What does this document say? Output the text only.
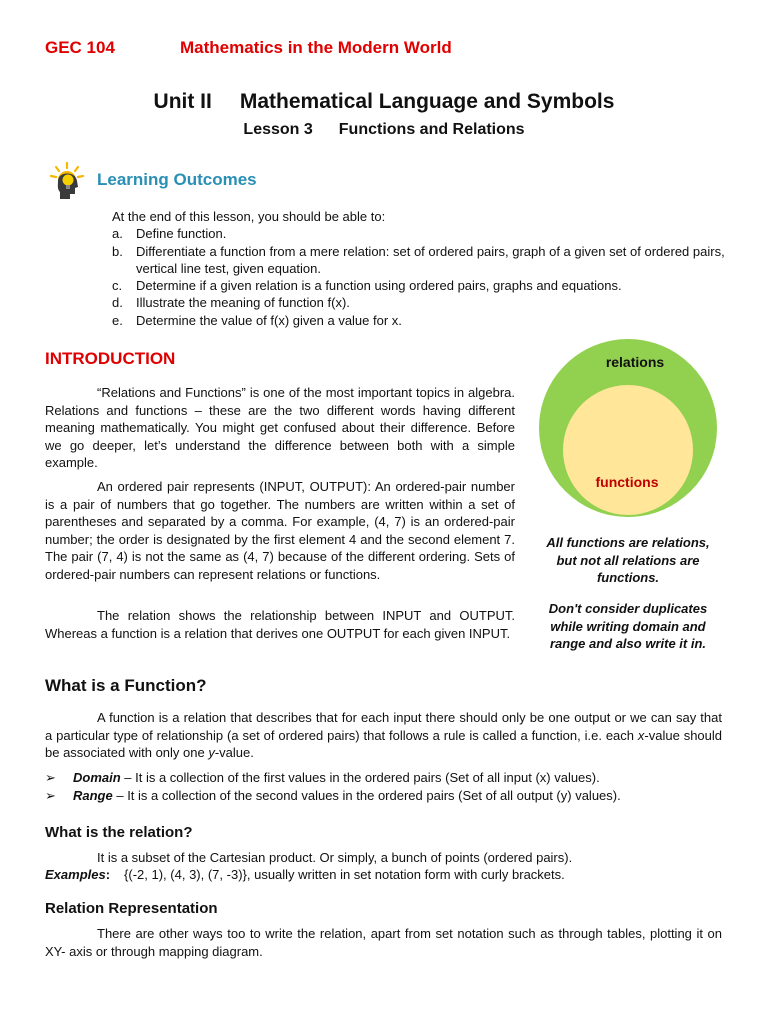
GEC 104	Mathematics in the Modern World
Unit II Mathematical Language and Symbols
Lesson 3 Functions and Relations
Learning Outcomes
At the end of this lesson, you should be able to:
a. Define function.
b. Differentiate a function from a mere relation: set of ordered pairs, graph of a given set of ordered pairs, vertical line test, given equation.
c. Determine if a given relation is a function using ordered pairs, graphs and equations.
d. Illustrate the meaning of function f(x).
e. Determine the value of f(x) given a value for x.
INTRODUCTION

“Relations and Functions” is one of the most important topics in algebra. Relations and functions – these are the two different words having different meaning mathematically. You might get confused about their difference. Before we go deeper, let’s understand the difference between both with a simple example.

An ordered pair represents (INPUT, OUTPUT): An ordered-pair number is a pair of numbers that go together. The numbers are written within a set of parentheses and separated by a comma. For example, (4, 7) is an ordered-pair number; the order is designated by the first element 4 and the second element 7. The pair (7, 4) is not the same as (4, 7) because of the different ordering. Sets of ordered-pair numbers can represent relations or functions.

The relation shows the relationship between INPUT and OUTPUT. Whereas a function is a relation that derives one OUTPUT for each given INPUT.

relations
functions
All functions are relations, but not all relations are functions.
Don't consider duplicates while writing domain and range and also write it in.
What is a Function?

A function is a relation that describes that for each input there should only be one output or we can say that a particular type of relationship (a set of ordered pairs) that follows a rule is called a function, i.e. each x-value should be associated with only one y-value.

➢ Domain – It is a collection of the first values in the ordered pairs (Set of all input (x) values).
➢ Range – It is a collection of the second values in the ordered pairs (Set of all output (y) values).
What is the relation?

It is a subset of the Cartesian product. Or simply, a bunch of points (ordered pairs).

Examples: {(-2, 1), (4, 3), (7, -3)}, usually written in set notation form with curly brackets.

Relation Representation

There are other ways too to write the relation, apart from set notation such as through tables, plotting it on XY- axis or through mapping diagram.
